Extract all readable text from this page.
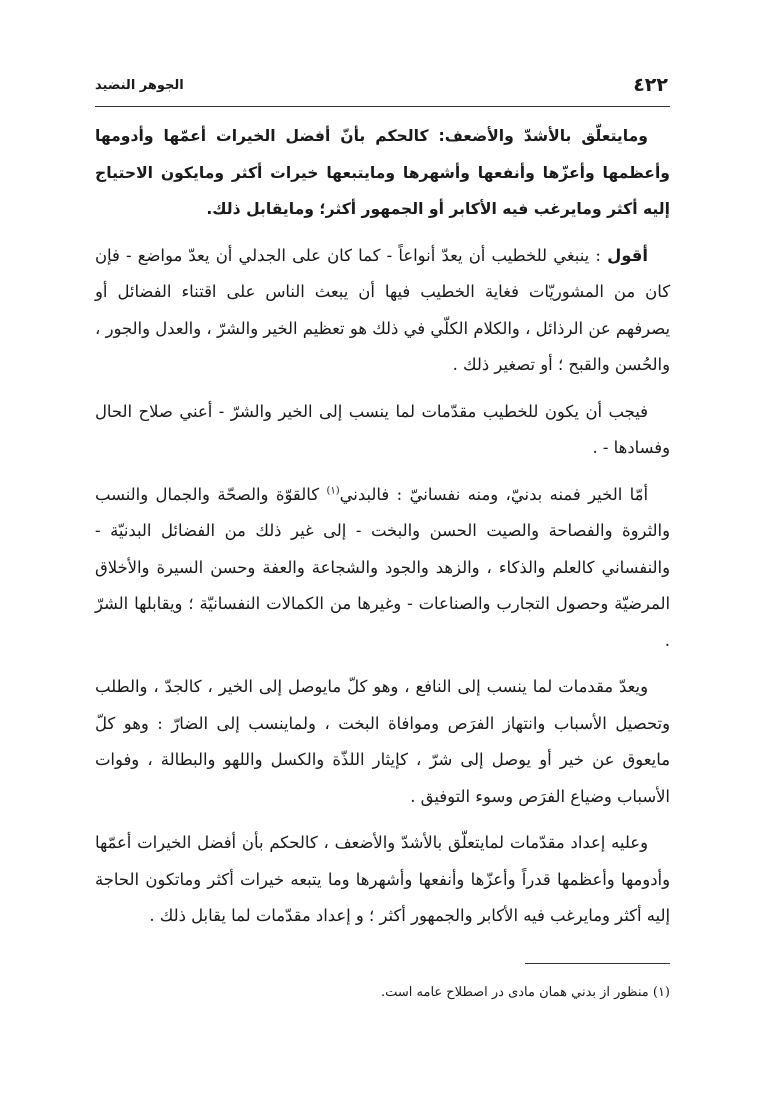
٤٢٢
الجوهر النضيد

ومايتعلّق بالأشدّ والأضعف: كالحكم بأنّ أفضل الخيرات أعمّها وأدومها وأعظمها وأعزّها وأنفعها وأشهرها ومايتبعها خيرات أكثر ومايكون الاحتياج إليه أكثر ومايرغب فيه الأكابر أو الجمهور أكثر؛ ومايقابل ذلك.

أقول : ينبغي للخطيب أن يعدّ أنواعاً - كما كان على الجدلي أن يعدّ مواضع - فإن كان من المشوريّات فغاية الخطيب فيها أن يبعث الناس على اقتناء الفضائل أو يصرفهم عن الرذائل ، والكلام الكلّي في ذلك هو تعظيم الخير والشرّ ، والعدل والجور ، والحُسن والقبح ؛ أو تصغير ذلك .

فيجب أن يكون للخطيب مقدّمات لما ينسب إلى الخير والشرّ - أعني صلاح الحال وفسادها - .

أمّا الخير فمنه بدنيّ، ومنه نفسانيّ : فالبدني$^{(١)}$ كالقوّة والصحّة والجمال والنسب والثروة والفصاحة والصيت الحسن والبخت - إلى غير ذلك من الفضائل البدنيّة - والنفساني كالعلم والذكاء ، والزهد والجود والشجاعة والعفة وحسن السيرة والأخلاق المرضيّة وحصول التجارب والصناعات - وغيرها من الكمالات النفسانيّة ؛ ويقابلها الشرّ .

ويعدّ مقدمات لما ينسب إلى النافع ، وهو كلّ مايوصل إلى الخير ، كالجدّ ، والطلب وتحصيل الأسباب وانتهاز الفرَص وموافاة البخت ، ولماينسب إلى الضارّ : وهو كلّ مايعوق عن خير أو يوصل إلى شرّ ، كإيثار اللذّة والكسل واللهو والبطالة ، وفوات الأسباب وضياع الفرَص وسوء التوفيق .

وعليه إعداد مقدّمات لمايتعلّق بالأشدّ والأضعف ، كالحكم بأن أفضل الخيرات أعمّها وأدومها وأعظمها قدراً وأعزّها وأنفعها وأشهرها وما يتبعه خيرات أكثر وماتكون الحاجة إليه أكثر ومايرغب فيه الأكابر والجمهور أكثر ؛ و إعداد مقدّمات لما يقابل ذلك .

(١) منظور از بدني همان مادی در اصطلاح عامه است.
